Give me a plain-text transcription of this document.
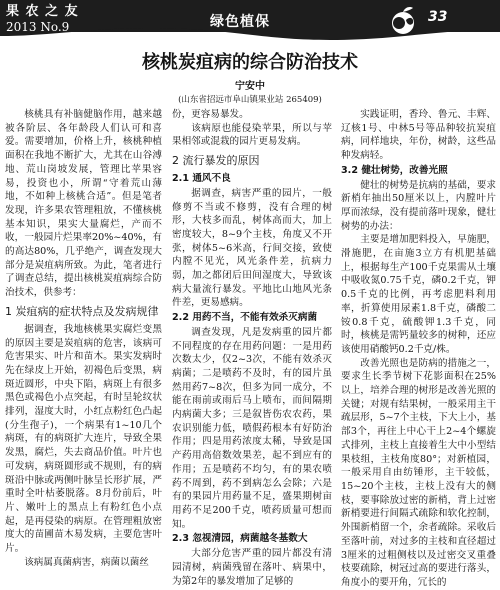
果 农 之 友
2013 No.9	绿色植保	33
核桃炭疽病的综合防治技术
宁安中
(山东省招远市阜山镇果业站 265409)

核桃具有补脑健脑作用，越来越被各阶层、各年龄段人们认可和喜爱。需要增加，价格上升，核桃种植面积在我地不断扩大，尤其在山谷溥地、荒山岗坡发展，管理比苹果容易，投资也小，所谓“守着荒山薄地，不如种上核桃合适”。但是笔者发现，许多果农管理粗放，不懂核桃基本知识，果实大量腐烂，产而不收，一般园片烂果率20%~40%，有的高达80%，几乎绝产，调查发现大部分是炭疽病所致。为此，笔者进行了调查总结，提出核桃炭疽病综合防治技术，供参考：

1 炭疽病的症状特点及发病规律

据调查，我地核桃果实腐烂变黑的原因主要是炭疽病的危害，该病可危害果实、叶片和苗木。果实发病时先在绿皮上开始，初褐色后变黑，病斑近圆形，中央下陷，病斑上有很多黑色或褐色小点突起，有时呈轮纹状排列，湿度大时，小红点粉红色凸起(分生孢子)，一个病果有1~10几个病斑，有的病斑扩大连片，导致全果发黑，腐烂，失去商品价值。叶片也可发病，病斑圆形或不规则，有的病斑沿中脉或两侧叶脉呈长形扩展，严重时全叶枯萎脱落。8月份前后，叶片、嫩叶上的黑点上有粉红色小点起，是再侵染的病原。在管理粗放密度大的苗圃苗木易发病，主要危害叶片。

该病属真菌病害，病菌以菌丝

份，更容易暴发。

该病原也能侵染苹果，所以与苹果相邻或混栽的园片更易发病。

2 流行暴发的原因
2.1 通风不良

据调查，病害严重的园片，一般修剪不当或不修剪，没有合理的树形，大枝多而乱，树体高而大，加上密度较大，8~9个主枝，角度又不开张，树体5~6米高，行间交接，致使内膛不见光，风光条件差，抗病力弱，加之都闭后田间湿度大，导致该病大量流行暴发。平地比山地风光条件差，更易感病。

2.2 用药不当，不能有效杀灭病菌

调查发现，凡是发病重的园片都不同程度的存在用药问题：一是用药次数太少，仅2~3次，不能有效杀灭病菌；二是喷药不及时，有的园片虽然用药7~8次，但多为同一成分，不能在雨前或雨后马上喷布，而间隔期内病菌大多；三是叙皆伤农农药，果农识别能力低，喷假药根本有好防治作用；四是用药浓度太稀，导致是国产药用高倍数效果差，起不到应有的作用；五是喷药不均匀，有的果农喷药不周到，药不到病怎么会除；六是有的果园片用药量不足，盛果期树亩用药不足200千克，喷药质量可想而知。

2.3 忽视清园，病菌越冬基数大

大部分危害严重的园片都没有清园清树，病菌残留在落叶、病果中，为第2年的暴发增加了足够的

实践证明，香玲、鲁元、丰辉、辽核1号、中林5号等品种较抗炭疽病，同样地块，年份，树龄，这些品种发病轻。

3.2 健壮树势，改善光照

健壮的树势是抗病的基础，要求新梢年抽出50厘米以上，内膛叶片厚而浓绿，没有提前落叶现象，健壮树势的办法：

主要是增加肥料投入，早施肥，滑施肥，在亩施3立方有机肥基础上，根据每生产100千克果需从土壤中吸收氮0.75千克，磷0.2千克，钾0.5千克的比例，再考虑肥料利用率，折算使用尿素1.8千克，磷酸二铵0.8千克，硫酸钾1.3千克，同时，核桃是需钙量较多的树种，还应该使用硝酸钙0.2千克/株。

改善光照也是防病的措施之一，要求生长季节树下花影面积在25%以上，培养合理的树形是改善光照的关键；对规有结果树，一般采用主干疏层形，5~7个主枝，下大上小，基部3个，再往上中心干上2~4个螺旋式排列，主枝上直接着生大中小型结果枝组，主枝角度80°；对新植园，一般采用自由纺锤形，主干较低，15~20个主枝，主枝上没有大的侧枝，要事除放过密的新梢，背上过密新梢要进行间隔式疏除和软化控制，外围新梢留一个，余者疏除。采收后至落叶前，对过多的主枝和直径超过3厘米的过粗侧枝以及过密交叉重叠枝要疏除，树冠过高的要进行落头，角度小的要开角，冗长的
